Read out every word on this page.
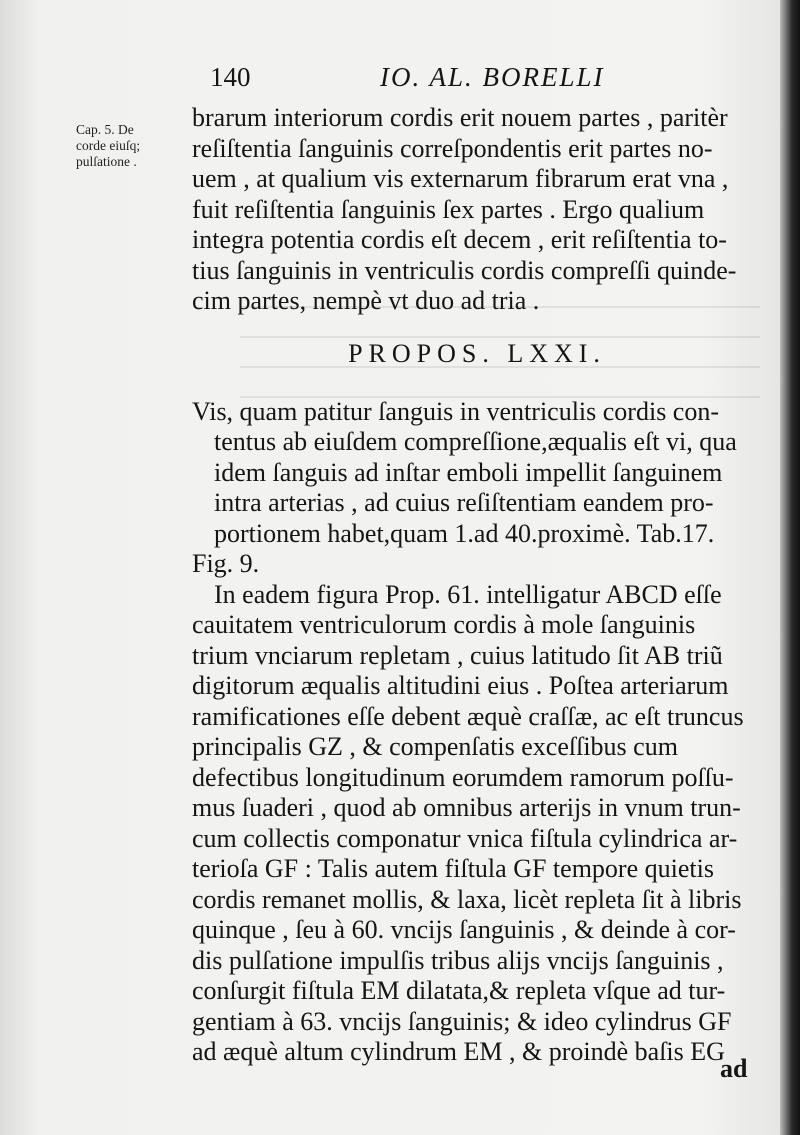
140	IO. AL. BORELLI
Cap. 5. De
corde eiuſq;
pulſatione .
brarum interiorum cordis erit nouem partes , paritèr
reſiſtentia ſanguinis correſpondentis erit partes no-
uem , at qualium vis externarum fibrarum erat vna ,
fuit reſiſtentia ſanguinis ſex partes . Ergo qualium
integra potentia cordis eſt decem , erit reſiſtentia to-
tius ſanguinis in ventriculis cordis compreſſi quinde-
cim partes, nempè vt duo ad tria .
PROPOS. LXXI.
Vis, quam patitur ſanguis in ventriculis cordis con-
tentus ab eiuſdem compreſſione,æqualis eſt vi, qua
idem ſanguis ad inſtar emboli impellit ſanguinem
intra arterias , ad cuius reſiſtentiam eandem pro-
portionem habet,quam 1.ad 40.proximè. Tab.17.
Fig. 9.
In eadem figura Prop. 61. intelligatur ABCD eſſe
cauitatem ventriculorum cordis à mole ſanguinis
trium vnciarum repletam , cuius latitudo ſit AB triũ
digitorum æqualis altitudini eius . Poſtea arteriarum
ramificationes eſſe debent æquè craſſæ, ac eſt truncus
principalis GZ , & compenſatis exceſſibus cum
defectibus longitudinum eorumdem ramorum poſſu-
mus ſuaderi , quod ab omnibus arterijs in vnum trun-
cum collectis componatur vnica fiſtula cylindrica ar-
terioſa GF : Talis autem fiſtula GF tempore quietis
cordis remanet mollis, & laxa, licèt repleta ſit à libris
quinque , ſeu à 60. vncijs ſanguinis , & deinde à cor-
dis pulſatione impulſis tribus alijs vncijs ſanguinis ,
conſurgit fiſtula EM dilatata,& repleta vſque ad tur-
gentiam à 63. vncijs ſanguinis; & ideo cylindrus GF
ad æquè altum cylindrum EM , & proindè baſis EG
ad
